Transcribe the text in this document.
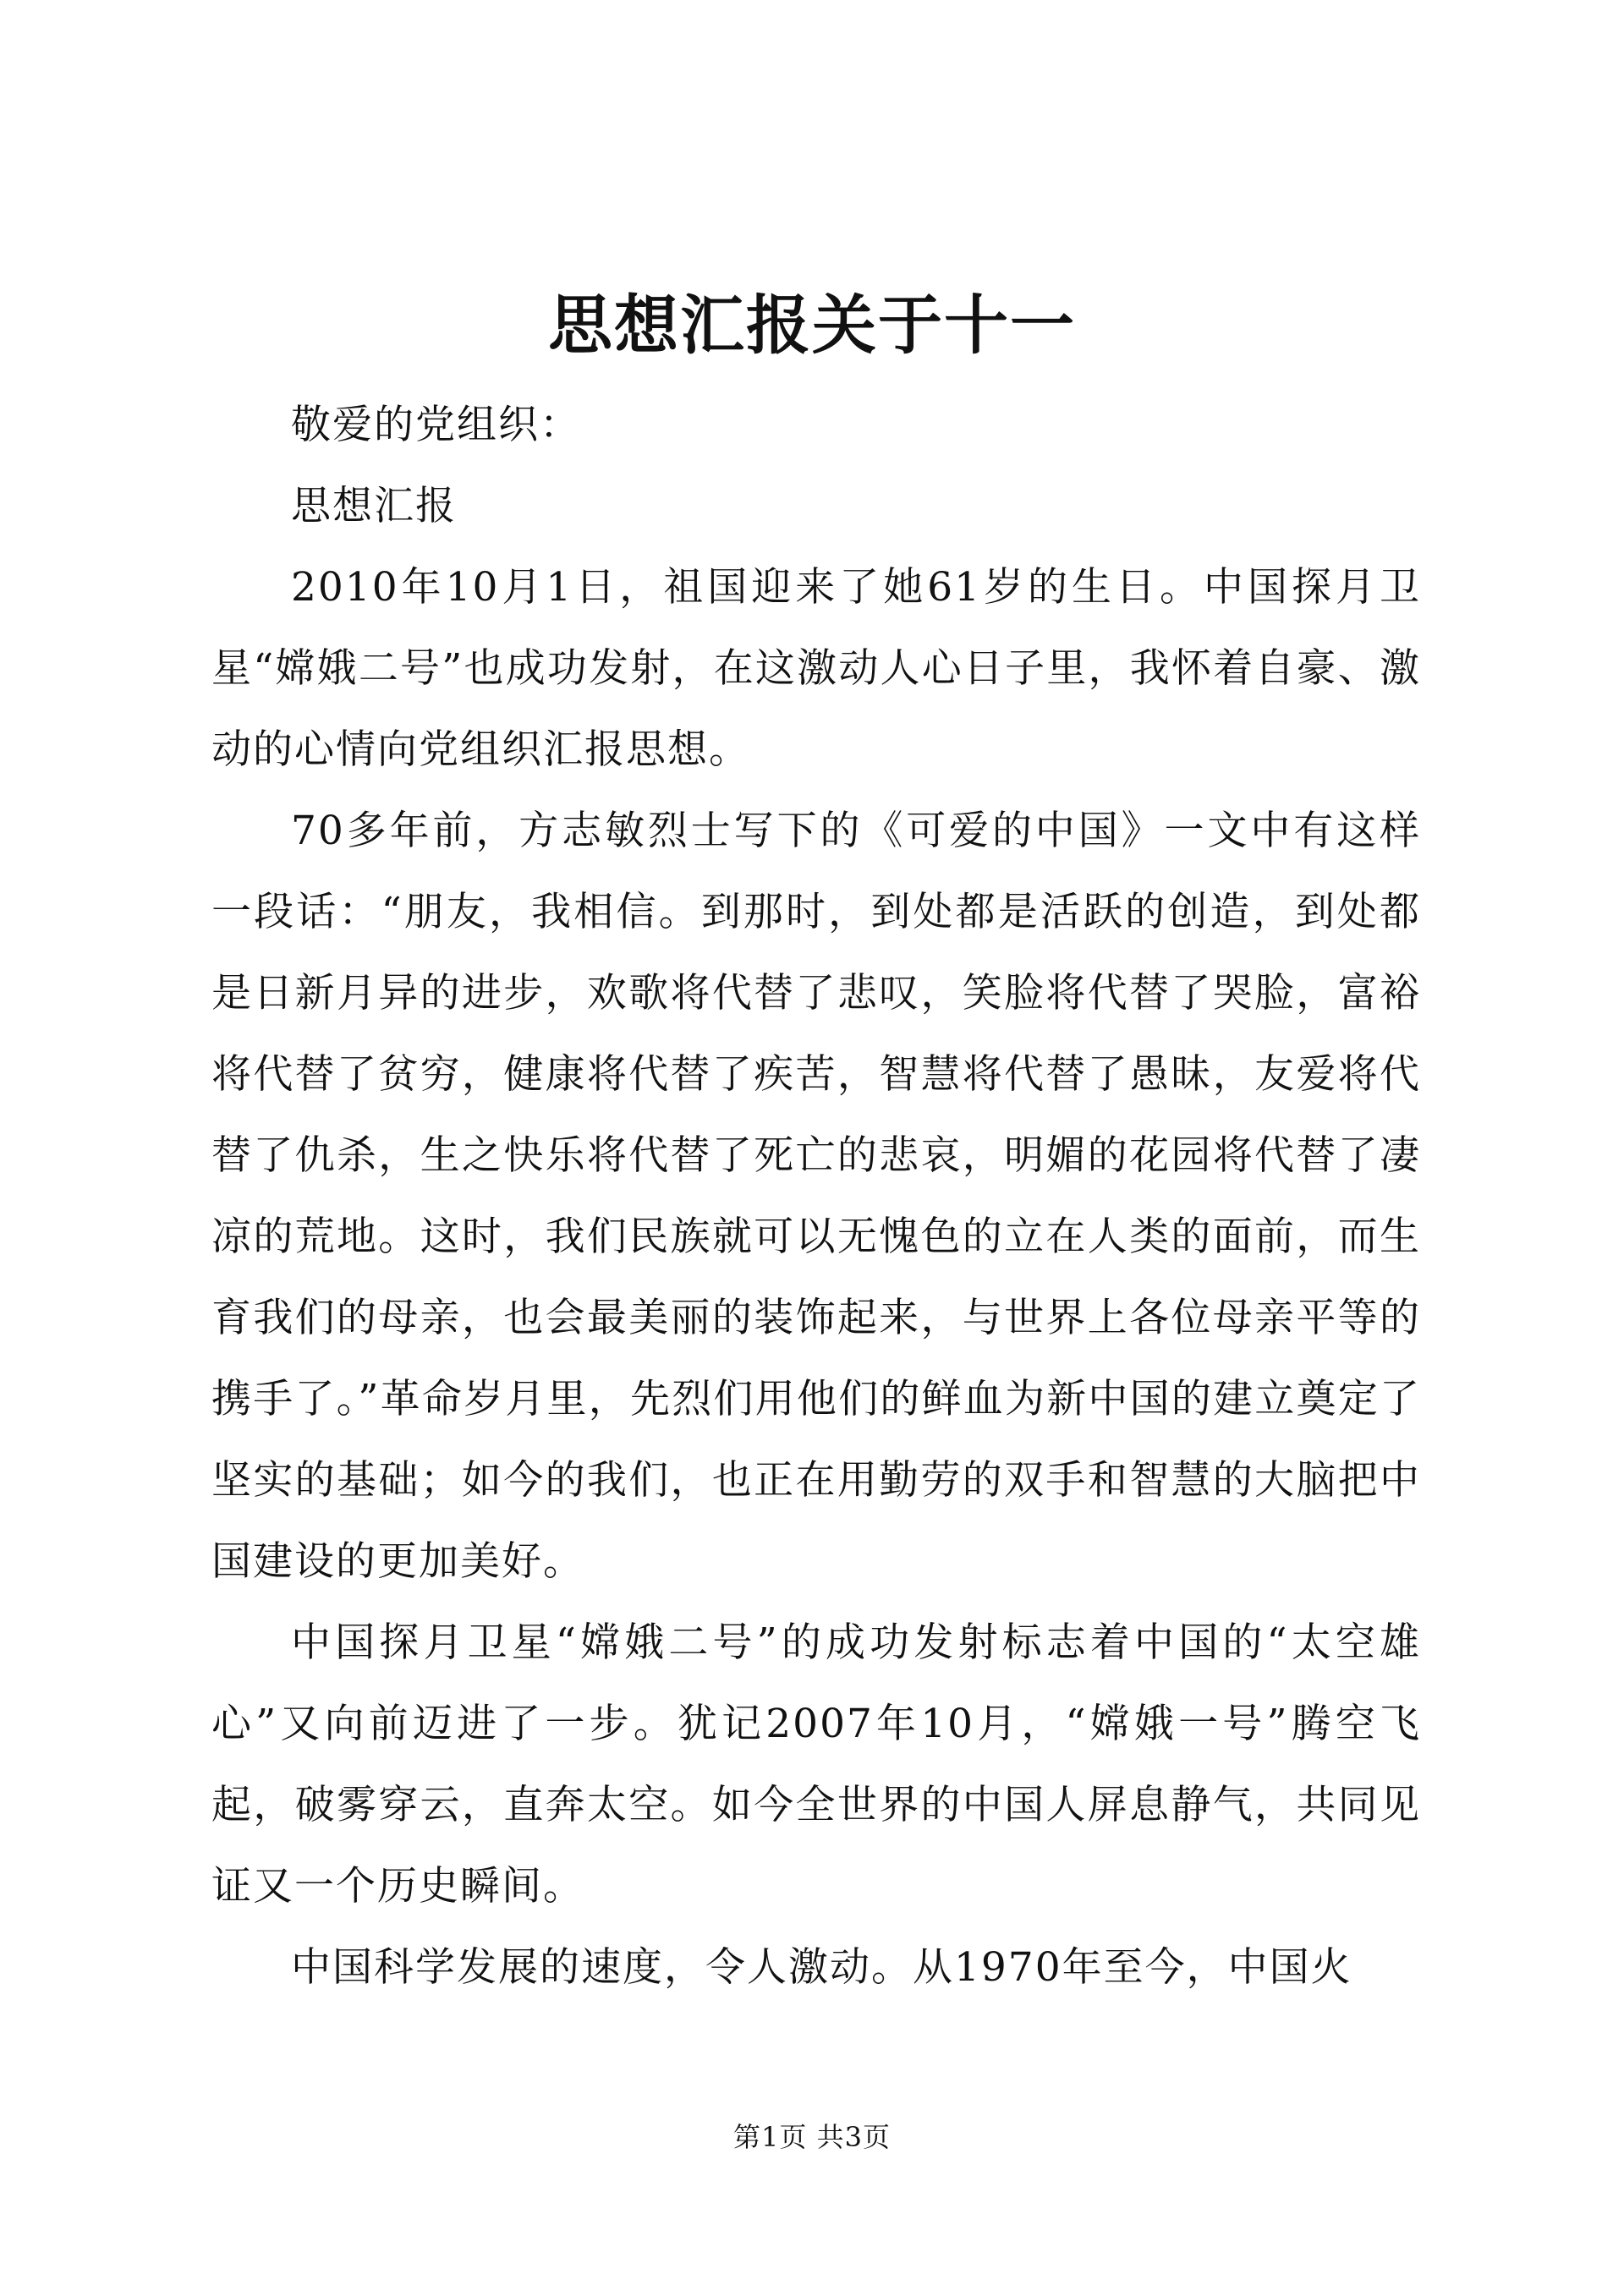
思想汇报关于十一

敬爱的党组织：

思想汇报

2010年10月1日，祖国迎来了她61岁的生日。中国探月卫星“嫦娥二号”也成功发射，在这激动人心日子里，我怀着自豪、激动的心情向党组织汇报思想。

70多年前，方志敏烈士写下的《可爱的中国》一文中有这样一段话：“朋友，我相信。到那时，到处都是活跃的创造，到处都是日新月异的进步，欢歌将代替了悲叹，笑脸将代替了哭脸，富裕将代替了贫穷，健康将代替了疾苦，智慧将代替了愚昧，友爱将代替了仇杀，生之快乐将代替了死亡的悲哀，明媚的花园将代替了凄凉的荒地。这时，我们民族就可以无愧色的立在人类的面前，而生育我们的母亲，也会最美丽的装饰起来，与世界上各位母亲平等的携手了。”革命岁月里，先烈们用他们的鲜血为新中国的建立奠定了坚实的基础；如今的我们，也正在用勤劳的双手和智慧的大脑把中国建设的更加美好。

中国探月卫星“嫦娥二号”的成功发射标志着中国的“太空雄心”又向前迈进了一步。犹记2007年10月，“嫦娥一号”腾空飞起，破雾穿云，直奔太空。如今全世界的中国人屏息静气，共同见证又一个历史瞬间。

中国科学发展的速度，令人激动。从1970年至今，中国火

第1页 共3页
